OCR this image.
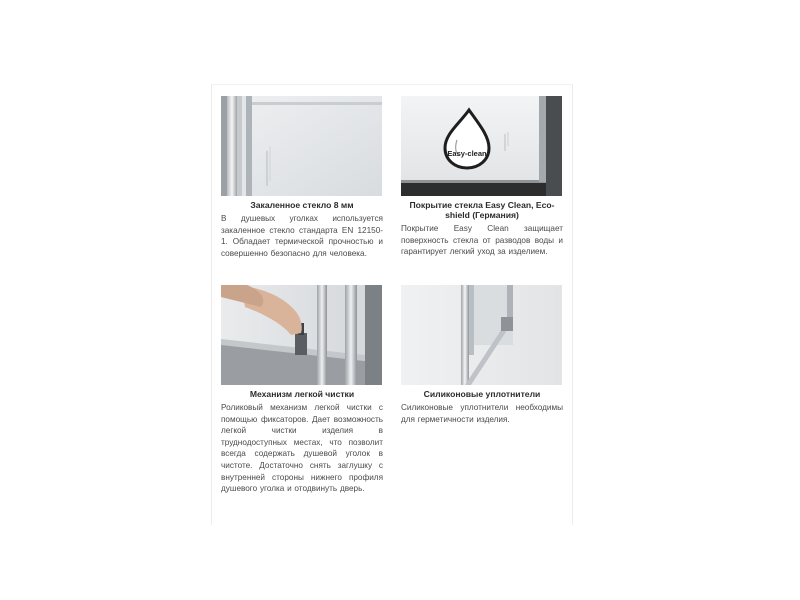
Закаленное стекло 8 мм
В душевых уголках используется закаленное стекло стандарта EN 12150-1. Обладает термической прочностью и совершенно безопасно для человека.
Easy-clean
Покрытие стекла Easy Clean, Eco-shield (Германия)
Покрытие Easy Clean защищает поверхность стекла от разводов воды и гарантирует легкий уход за изделием.
Механизм легкой чистки
Роликовый механизм легкой чистки с помощью фиксаторов. Дает возможность легкой чистки изделия в труднодоступных местах, что позволит всегда содержать душевой уголок в чистоте. Достаточно снять заглушку с внутренней стороны нижнего профиля душевого уголка и отодвинуть дверь.
Силиконовые уплотнители
Силиконовые уплотнители необходимы для герметичности изделия.
